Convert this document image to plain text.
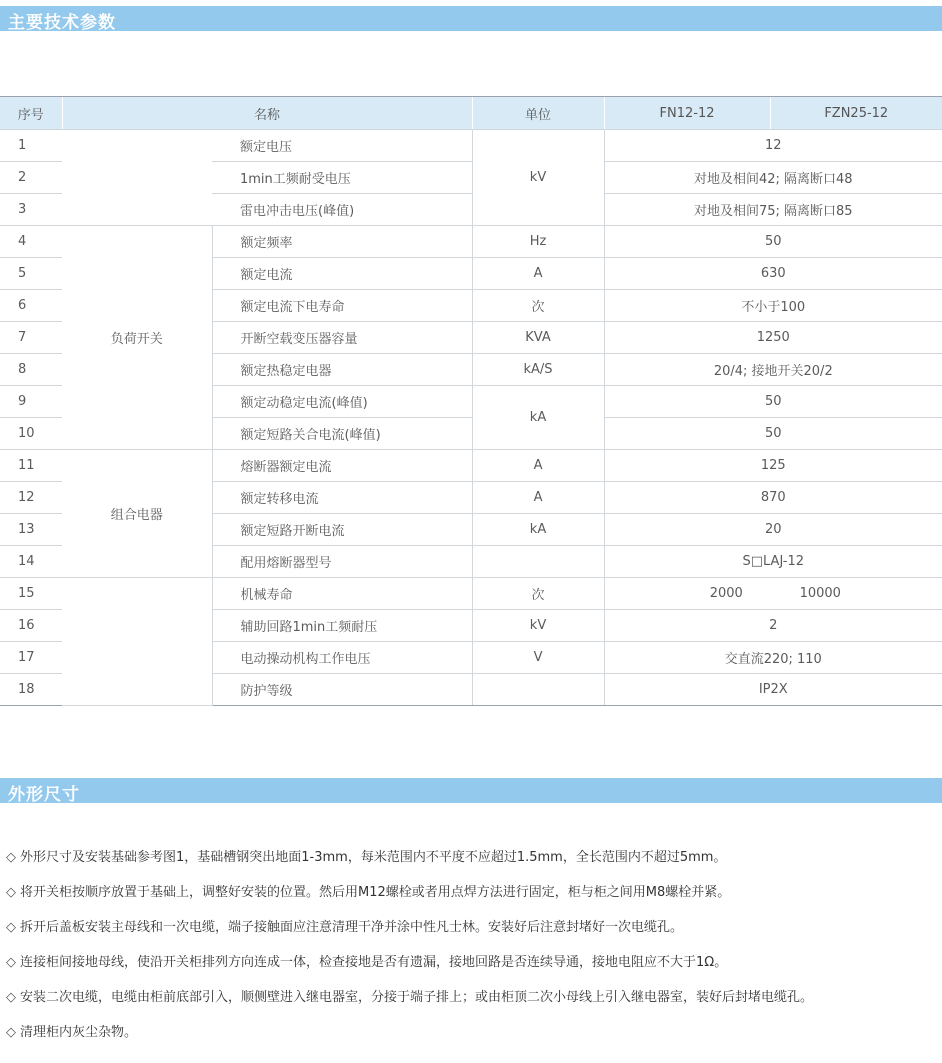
主要技术参数
序号	名称		单位	FN12-12	FZN25-12
1		额定电压	kV	12	
2		1min工频耐受电压		对地及相间42; 隔离断口48	
3		雷电冲击电压(峰值)		对地及相间75; 隔离断口85	
4	负荷开关	额定频率	Hz	50	
5		额定电流	A	630	
6		额定电流下电寿命	次	不小于100	
7		开断空载变压器容量	KVA	1250	
8		额定热稳定电器	kA/S	20/4; 接地开关20/2	
9		额定动稳定电流(峰值)	kA	50	
10		额定短路关合电流(峰值)		50	
11	组合电器	熔断器额定电流	A	125	
12		额定转移电流	A	870	
13		额定短路开断电流	kA	20	
14		配用熔断器型号		S□LAJ-12	
15		机械寿命	次	2000 10000	
16		辅助回路1min工频耐压	kV	2	
17		电动操动机构工作电压	V	交直流220; 110	
18		防护等级		IP2X	
外形尺寸
◇ 外形尺寸及安装基础参考图1，基础槽钢突出地面1-3mm，每米范围内不平度不应超过1.5mm，全长范围内不超过5mm。
◇ 将开关柜按顺序放置于基础上，调整好安装的位置。然后用M12螺栓或者用点焊方法进行固定，柜与柜之间用M8螺栓并紧。
◇ 拆开后盖板安装主母线和一次电缆，端子接触面应注意清理干净并涂中性凡士林。安装好后注意封堵好一次电缆孔。
◇ 连接柜间接地母线，使沿开关柜排列方向连成一体，检查接地是否有遗漏，接地回路是否连续导通，接地电阻应不大于1Ω。
◇ 安装二次电缆，电缆由柜前底部引入，顺侧壁进入继电器室，分接于端子排上；或由柜顶二次小母线上引入继电器室，装好后封堵电缆孔。
◇ 清理柜内灰尘杂物。
